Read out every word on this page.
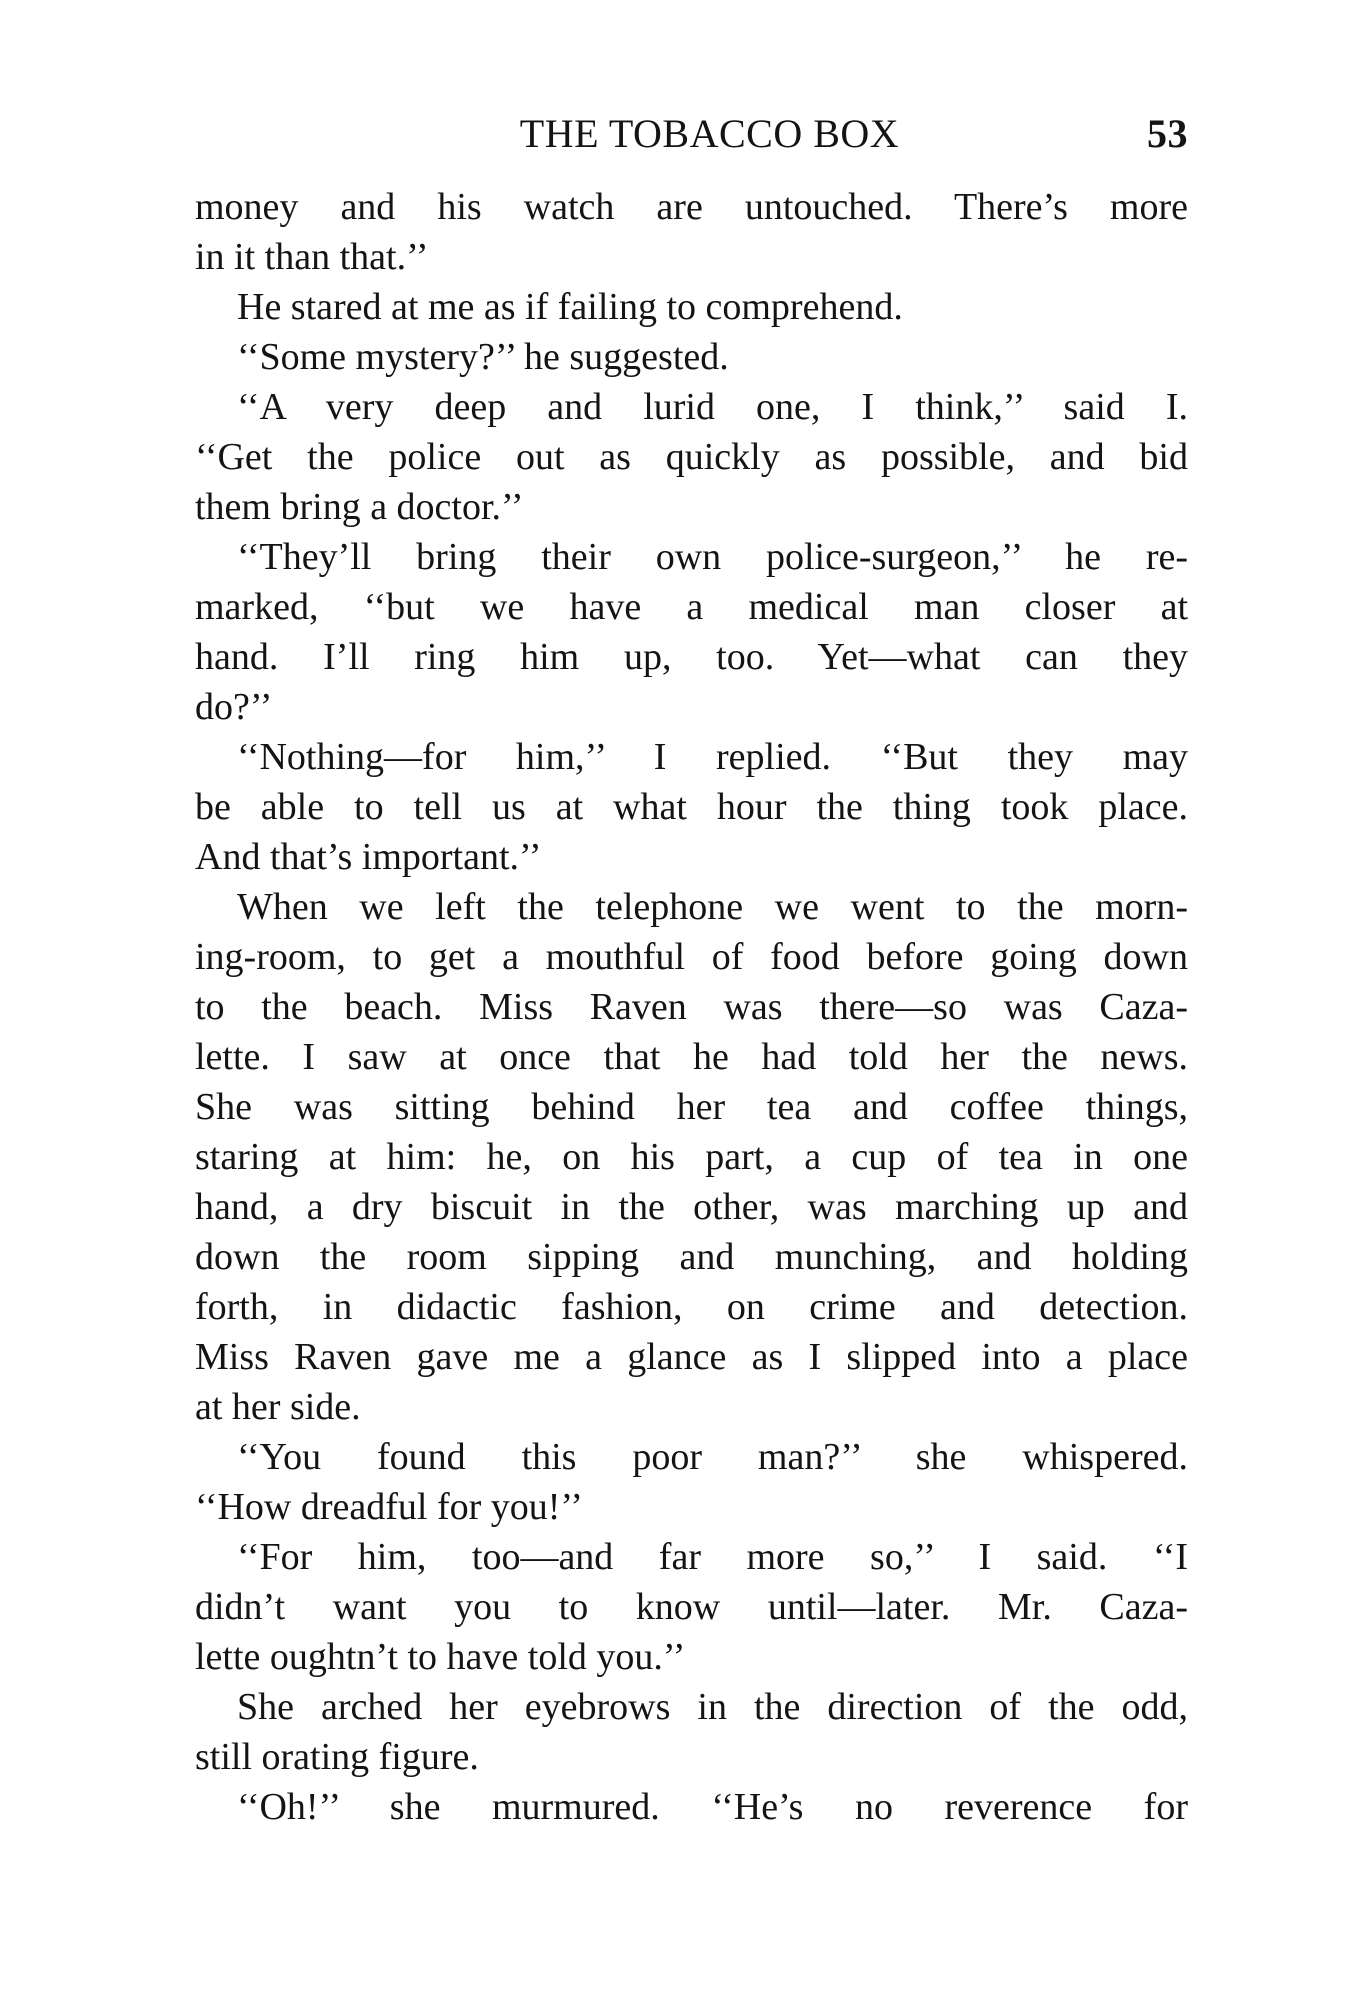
THE TOBACCO BOX	53
money and his watch are untouched. There’s more
in it than that.’’
He stared at me as if failing to comprehend.
‘‘Some mystery?’’ he suggested.
‘‘A very deep and lurid one, I think,’’ said I.
‘‘Get the police out as quickly as possible, and bid
them bring a doctor.’’
‘‘They’ll bring their own police-surgeon,’’ he re-
marked, ‘‘but we have a medical man closer at
hand. I’ll ring him up, too. Yet—what can they
do?’’
‘‘Nothing—for him,’’ I replied. ‘‘But they may
be able to tell us at what hour the thing took place.
And that’s important.’’
When we left the telephone we went to the morn-
ing-room, to get a mouthful of food before going down
to the beach. Miss Raven was there—so was Caza-
lette. I saw at once that he had told her the news.
She was sitting behind her tea and coffee things,
staring at him: he, on his part, a cup of tea in one
hand, a dry biscuit in the other, was marching up and
down the room sipping and munching, and holding
forth, in didactic fashion, on crime and detection.
Miss Raven gave me a glance as I slipped into a place
at her side.
‘‘You found this poor man?’’ she whispered.
‘‘How dreadful for you!’’
‘‘For him, too—and far more so,’’ I said. ‘‘I
didn’t want you to know until—later. Mr. Caza-
lette oughtn’t to have told you.’’
She arched her eyebrows in the direction of the odd,
still orating figure.
‘‘Oh!’’ she murmured. ‘‘He’s no reverence for
